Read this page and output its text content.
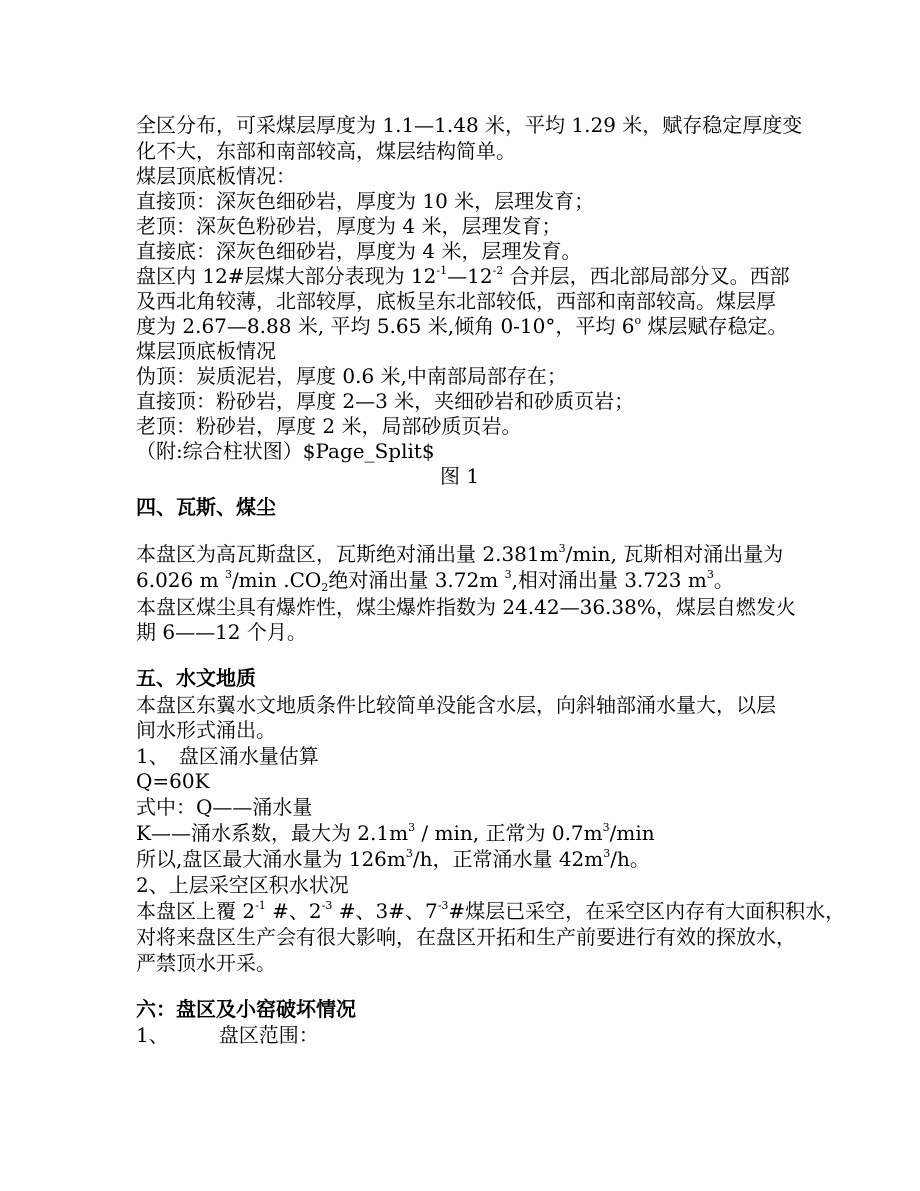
全区分布，可采煤层厚度为 1.1—1.48 米，平均 1.29 米，赋存稳定厚度变
化不大，东部和南部较高，煤层结构简单。
煤层顶底板情况：
直接顶：深灰色细砂岩，厚度为 10 米，层理发育；
老顶：深灰色粉砂岩，厚度为 4 米，层理发育；
直接底：深灰色细砂岩，厚度为 4 米，层理发育。
盘区内 12#层煤大部分表现为 $12^{-1}—12^{-2}$ 合并层，西北部局部分叉。西部
及西北角较薄，北部较厚，底板呈东北部较低，西部和南部较高。煤层厚
度为 2.67—8.88 米, 平均 5.65 米,倾角 0-10°，平均 6$^o$ 煤层赋存稳定。
煤层顶底板情况
伪顶：炭质泥岩，厚度 0.6 米,中南部局部存在；
直接顶：粉砂岩，厚度 2—3 米，夹细砂岩和砂质页岩；
老顶：粉砂岩，厚度 2 米，局部砂质页岩。
（附:综合柱状图）$Page_Split$
图 1
四、瓦斯、煤尘
本盘区为高瓦斯盘区，瓦斯绝对涌出量 $2.381m^3/\min$, 瓦斯相对涌出量为
6.026 m $^3$/min $.CO_2$绝对涌出量 3.72m $^3$,相对涌出量 3.723 $m^3$。
本盘区煤尘具有爆炸性，煤尘爆炸指数为 24.42—36.38%，煤层自燃发火
期 6——12 个月。
五、水文地质
本盘区东翼水文地质条件比较简单没能含水层，向斜轴部涌水量大，以层
间水形式涌出。
1、　盘区涌水量估算
Q=60K
式中：Q——涌水量
K——涌水系数，最大为 $2.1m^3$ / min, 正常为 $0.7m^3/\min$
所以,盘区最大涌水量为 $126m^3/h$，正常涌水量 $42m^3/h$。
2、上层采空区积水状况
本盘区上覆 $2^{-1}$ #、$2^{-3}$ #、3#、$7^{-3}\#$煤层已采空，在采空区内存有大面积积水，
对将来盘区生产会有很大影响，在盘区开拓和生产前要进行有效的探放水，
严禁顶水开采。
六：盘区及小窑破坏情况
1、　　　盘区范围：
